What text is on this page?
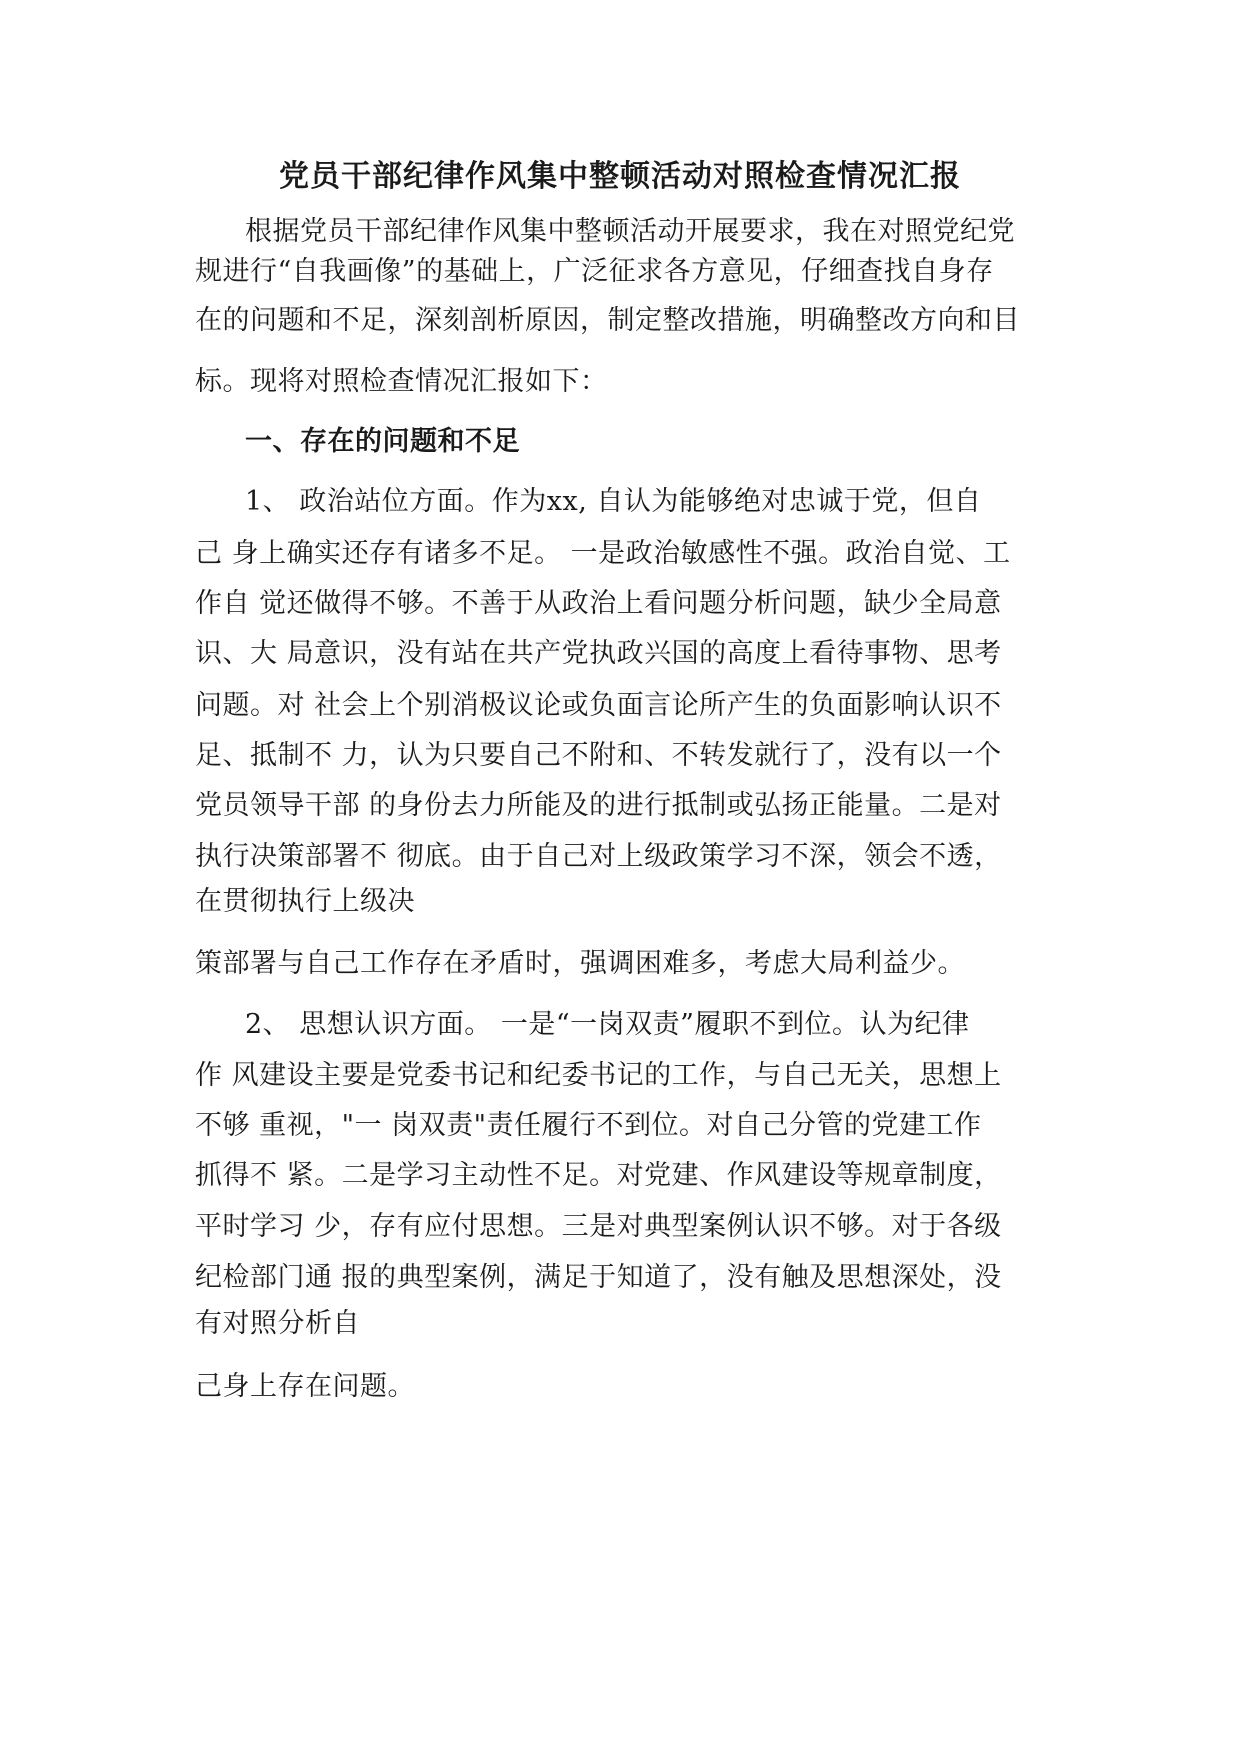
党员干部纪律作风集中整顿活动对照检查情况汇报
根据党员干部纪律作风集中整顿活动开展要求，我在对照党纪党
规进行“自我画像”的基础上，广泛征求各方意见，仔细查找自身存
在的问题和不足，深刻剖析原因，制定整改措施，明确整改方向和目
标。现将对照检查情况汇报如下：
一、存在的问题和不足
1、 政治站位方面。作为xx, 自认为能够绝对忠诚于党，但自
己 身上确实还存有诸多不足。 一是政治敏感性不强。政治自觉、工
作自 觉还做得不够。不善于从政治上看问题分析问题，缺少全局意
识、大 局意识，没有站在共产党执政兴国的高度上看待事物、思考
问题。对 社会上个别消极议论或负面言论所产生的负面影响认识不
足、抵制不 力，认为只要自己不附和、不转发就行了，没有以一个
党员领导干部 的身份去力所能及的进行抵制或弘扬正能量。二是对
执行决策部署不 彻底。由于自己对上级政策学习不深，领会不透，
在贯彻执行上级决
策部署与自己工作存在矛盾时，强调困难多，考虑大局利益少。
2、 思想认识方面。 一是“一岗双责”履职不到位。认为纪律
作 风建设主要是党委书记和纪委书记的工作，与自己无关，思想上
不够 重视，"一 岗双责"责任履行不到位。对自己分管的党建工作
抓得不 紧。二是学习主动性不足。对党建、作风建设等规章制度，
平时学习 少，存有应付思想。三是对典型案例认识不够。对于各级
纪检部门通 报的典型案例，满足于知道了，没有触及思想深处，没
有对照分析自
己身上存在问题。
